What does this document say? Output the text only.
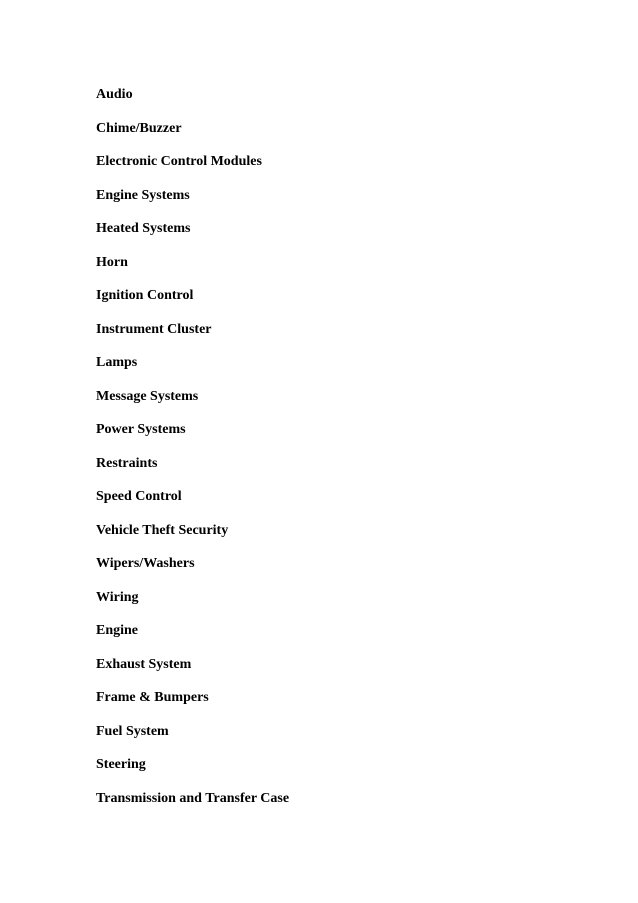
Audio
Chime/Buzzer
Electronic Control Modules
Engine Systems
Heated Systems
Horn
Ignition Control
Instrument Cluster
Lamps
Message Systems
Power Systems
Restraints
Speed Control
Vehicle Theft Security
Wipers/Washers
Wiring
Engine
Exhaust System
Frame & Bumpers
Fuel System
Steering
Transmission and Transfer Case
